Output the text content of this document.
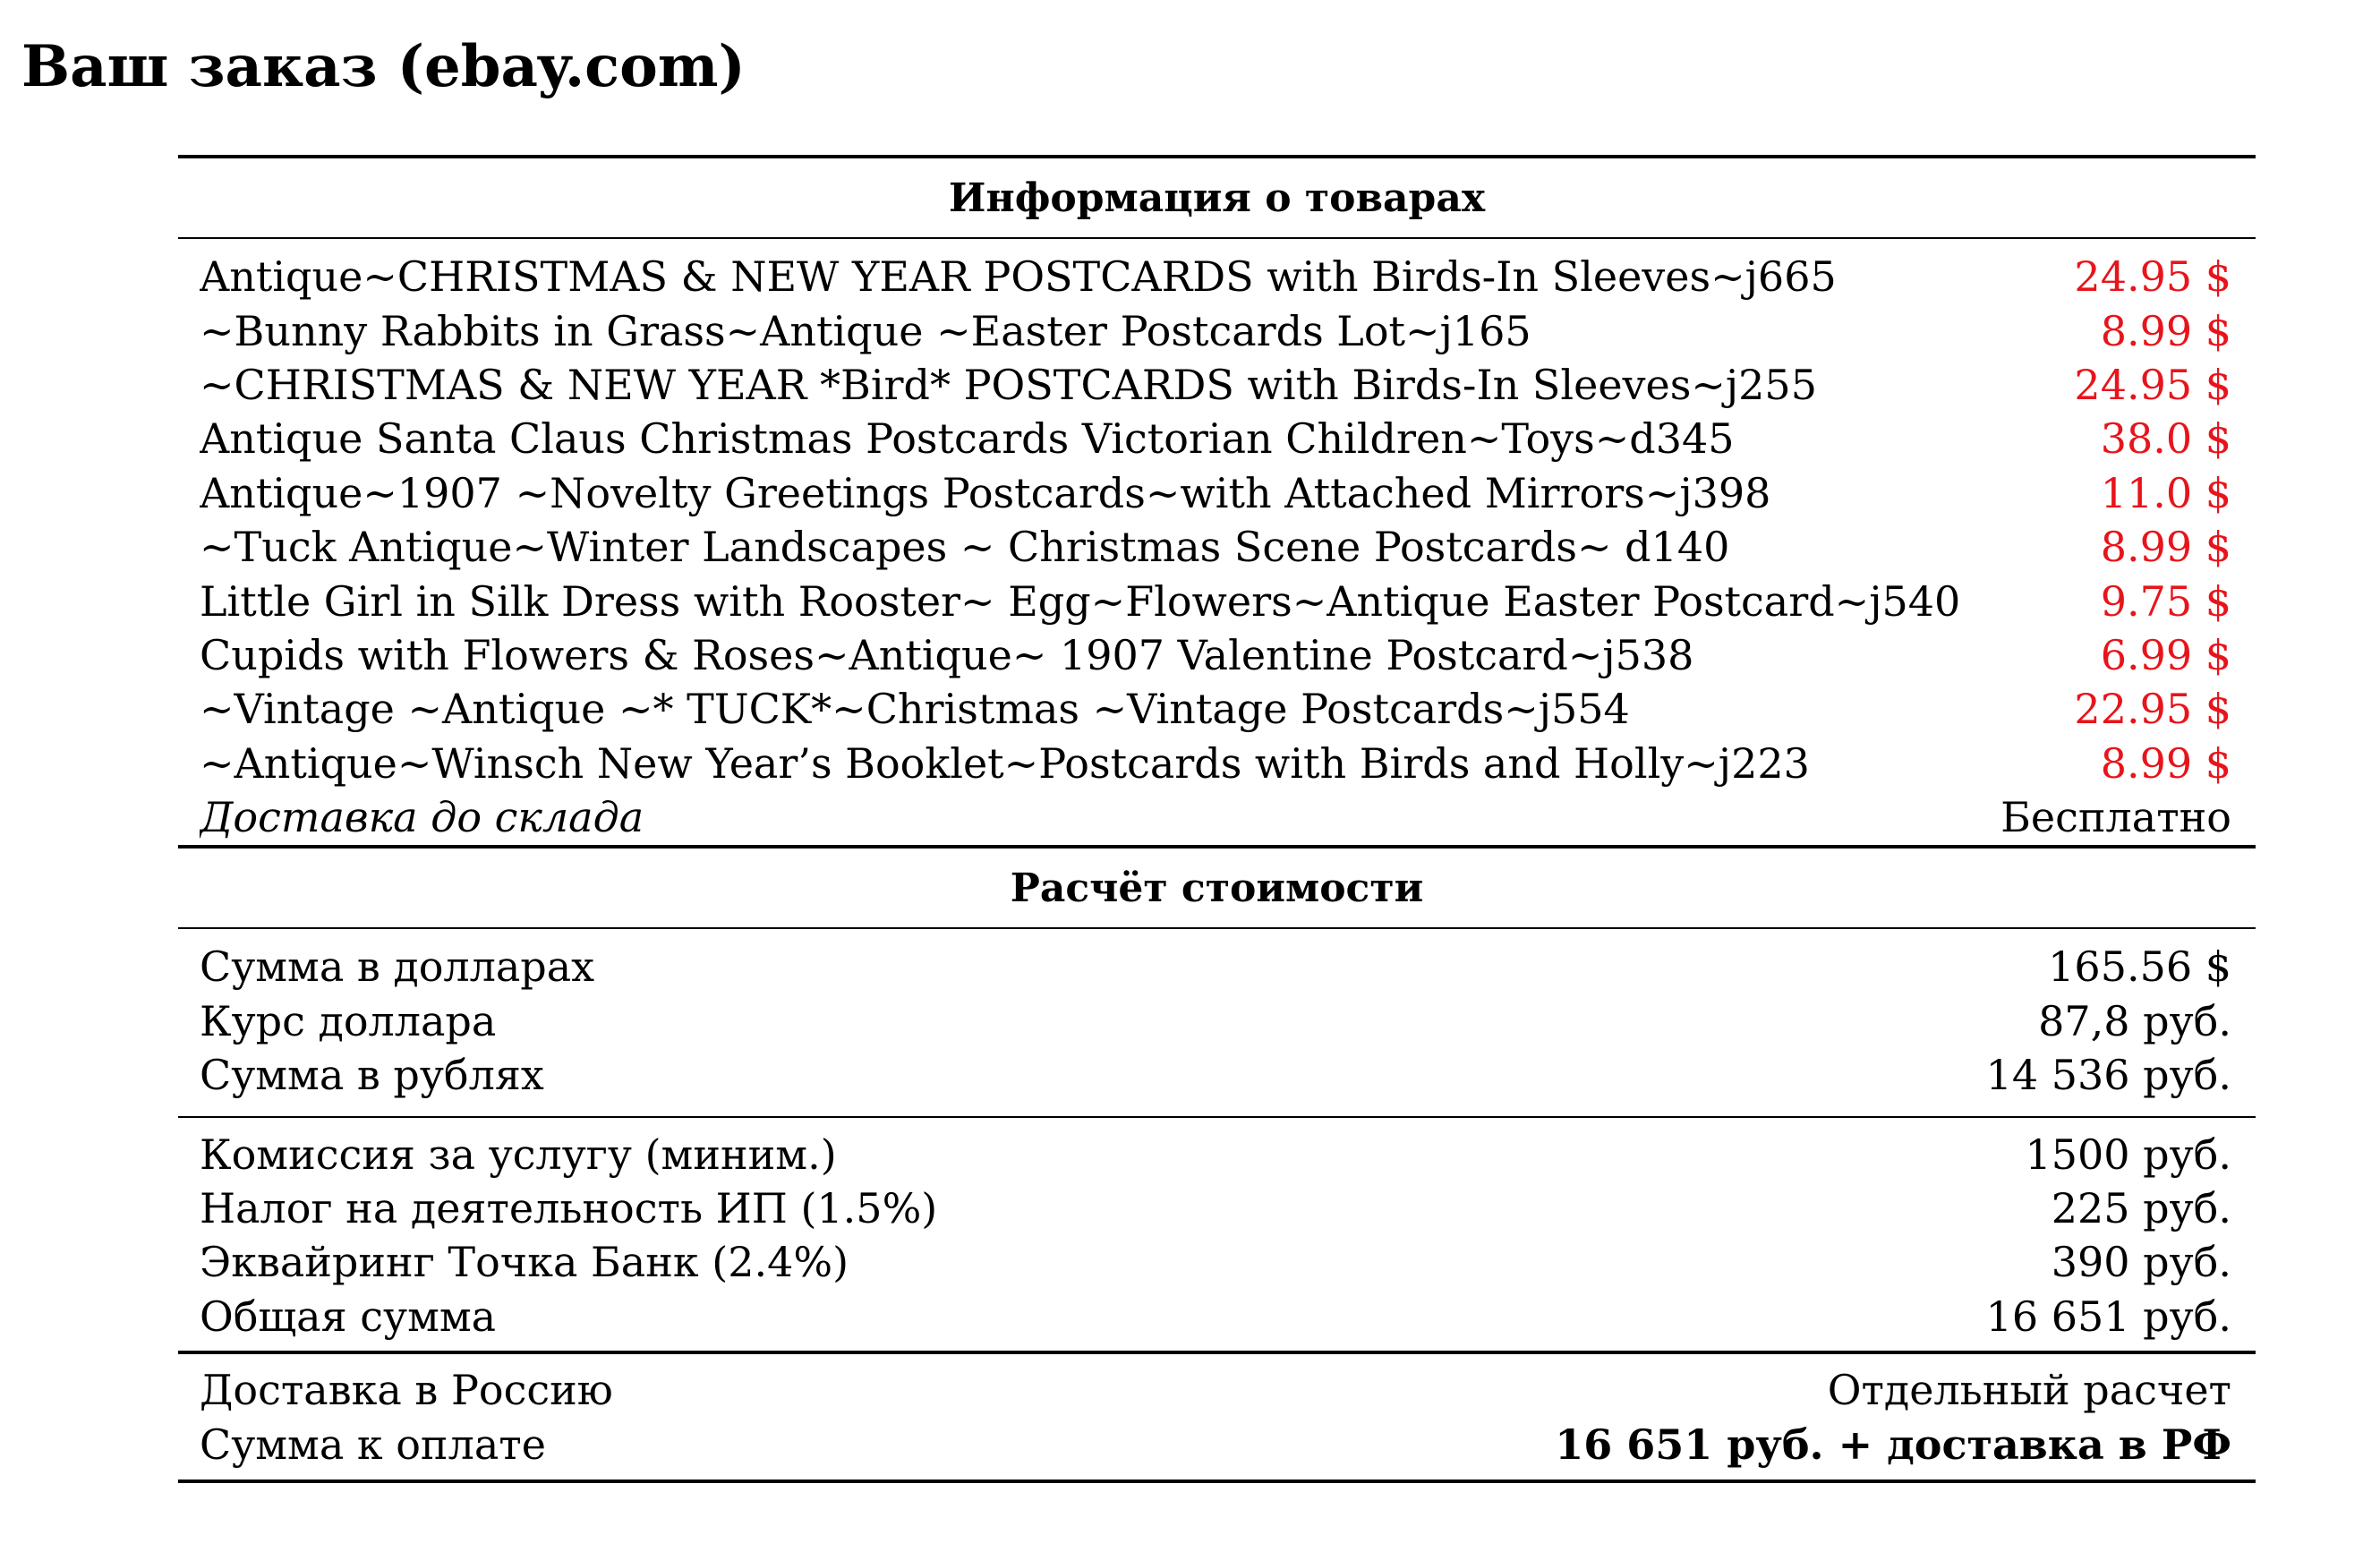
Ваш заказ (ebay.com)
Информация о товарах
Antique~CHRISTMAS & NEW YEAR POSTCARDS with Birds-In Sleeves~j665	24.95 $
~Bunny Rabbits in Grass~Antique ~Easter Postcards Lot~j165	8.99 $
~CHRISTMAS & NEW YEAR *Bird* POSTCARDS with Birds-In Sleeves~j255	24.95 $
Antique Santa Claus Christmas Postcards Victorian Children~Toys~d345	38.0 $
Antique~1907 ~Novelty Greetings Postcards~with Attached Mirrors~j398	11.0 $
~Tuck Antique~Winter Landscapes ~ Christmas Scene Postcards~ d140	8.99 $
Little Girl in Silk Dress with Rooster~ Egg~Flowers~Antique Easter Postcard~j540	9.75 $
Cupids with Flowers & Roses~Antique~ 1907 Valentine Postcard~j538	6.99 $
~Vintage ~Antique ~* TUCK*~Christmas ~Vintage Postcards~j554	22.95 $
~Antique~Winsch New Year’s Booklet~Postcards with Birds and Holly~j223	8.99 $
Доставка до склада	Бесплатно
Расчёт стоимости
Сумма в долларах	165.56 $
Курс доллара	87,8 руб.
Сумма в рублях	14 536 руб.
Комиссия за услугу (миним.)	1500 руб.
Налог на деятельность ИП (1.5%)	225 руб.
Эквайринг Точка Банк (2.4%)	390 руб.
Общая сумма	16 651 руб.
Доставка в Россию	Отдельный расчет
Сумма к оплате	16 651 руб. + доставка в РФ
